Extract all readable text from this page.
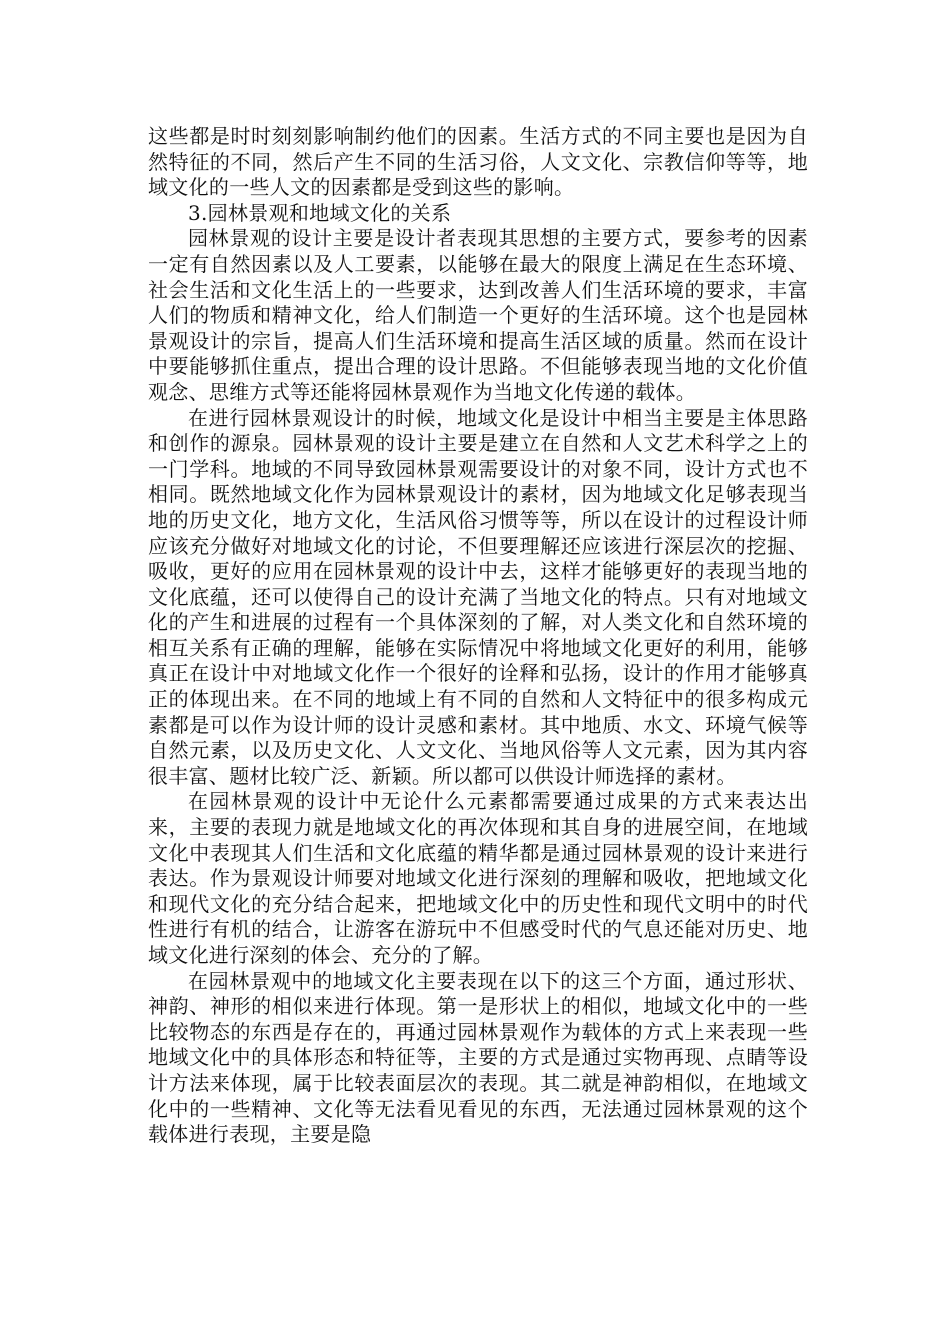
这些都是时时刻刻影响制约他们的因素。生活方式的不同主要也是因为自然特征的不同，然后产生不同的生活习俗，人文文化、宗教信仰等等，地域文化的一些人文的因素都是受到这些的影响。

3.园林景观和地域文化的关系

园林景观的设计主要是设计者表现其思想的主要方式，要参考的因素一定有自然因素以及人工要素，以能够在最大的限度上满足在生态环境、社会生活和文化生活上的一些要求，达到改善人们生活环境的要求，丰富人们的物质和精神文化，给人们制造一个更好的生活环境。这个也是园林景观设计的宗旨，提高人们生活环境和提高生活区域的质量。然而在设计中要能够抓住重点，提出合理的设计思路。不但能够表现当地的文化价值观念、思维方式等还能将园林景观作为当地文化传递的载体。

在进行园林景观设计的时候，地域文化是设计中相当主要是主体思路和创作的源泉。园林景观的设计主要是建立在自然和人文艺术科学之上的一门学科。地域的不同导致园林景观需要设计的对象不同，设计方式也不相同。既然地域文化作为园林景观设计的素材，因为地域文化足够表现当地的历史文化，地方文化，生活风俗习惯等等，所以在设计的过程设计师应该充分做好对地域文化的讨论，不但要理解还应该进行深层次的挖掘、吸收，更好的应用在园林景观的设计中去，这样才能够更好的表现当地的文化底蕴，还可以使得自己的设计充满了当地文化的特点。只有对地域文化的产生和进展的过程有一个具体深刻的了解，对人类文化和自然环境的相互关系有正确的理解，能够在实际情况中将地域文化更好的利用，能够真正在设计中对地域文化作一个很好的诠释和弘扬，设计的作用才能够真正的体现出来。在不同的地域上有不同的自然和人文特征中的很多构成元素都是可以作为设计师的设计灵感和素材。其中地质、水文、环境气候等自然元素，以及历史文化、人文文化、当地风俗等人文元素，因为其内容很丰富、题材比较广泛、新颖。所以都可以供设计师选择的素材。

在园林景观的设计中无论什么元素都需要通过成果的方式来表达出来，主要的表现力就是地域文化的再次体现和其自身的进展空间，在地域文化中表现其人们生活和文化底蕴的精华都是通过园林景观的设计来进行表达。作为景观设计师要对地域文化进行深刻的理解和吸收，把地域文化和现代文化的充分结合起来，把地域文化中的历史性和现代文明中的时代性进行有机的结合，让游客在游玩中不但感受时代的气息还能对历史、地域文化进行深刻的体会、充分的了解。

在园林景观中的地域文化主要表现在以下的这三个方面，通过形状、神韵、神形的相似来进行体现。第一是形状上的相似，地域文化中的一些比较物态的东西是存在的，再通过园林景观作为载体的方式上来表现一些地域文化中的具体形态和特征等，主要的方式是通过实物再现、点睛等设计方法来体现，属于比较表面层次的表现。其二就是神韵相似，在地域文化中的一些精神、文化等无法看见看见的东西，无法通过园林景观的这个载体进行表现，主要是隐
